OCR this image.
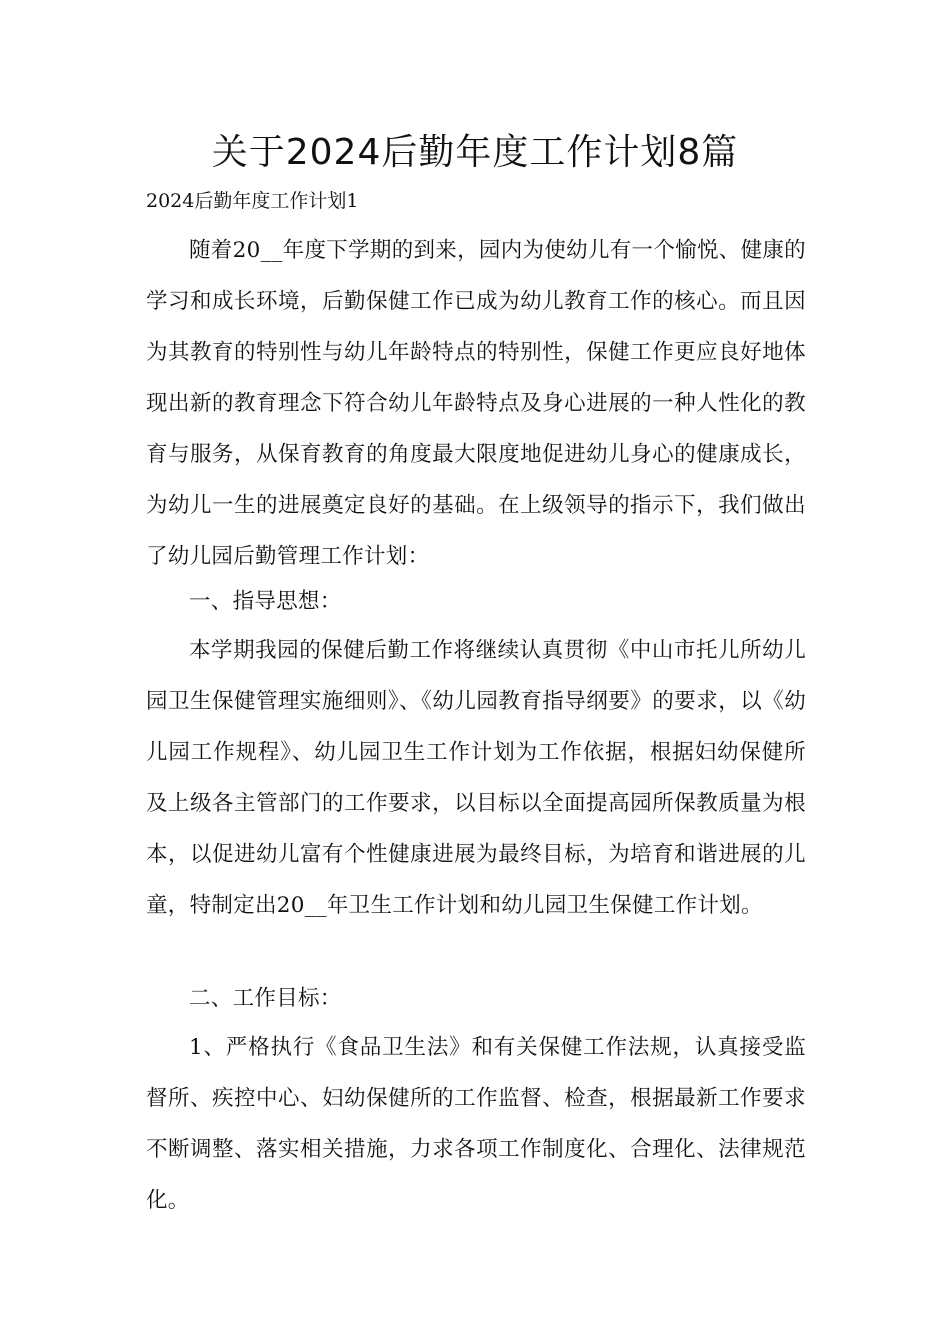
关于2024后勤年度工作计划8篇

2024后勤年度工作计划1

随着20__年度下学期的到来，园内为使幼儿有一个愉悦、健康的学习和成长环境，后勤保健工作已成为幼儿教育工作的核心。而且因为其教育的特别性与幼儿年龄特点的特别性，保健工作更应良好地体现出新的教育理念下符合幼儿年龄特点及身心进展的一种人性化的教育与服务，从保育教育的角度最大限度地促进幼儿身心的健康成长，为幼儿一生的进展奠定良好的基础。在上级领导的指示下，我们做出了幼儿园后勤管理工作计划：

一、指导思想：

本学期我园的保健后勤工作将继续认真贯彻《中山市托儿所幼儿园卫生保健管理实施细则》、《幼儿园教育指导纲要》的要求，以《幼儿园工作规程》、幼儿园卫生工作计划为工作依据，根据妇幼保健所及上级各主管部门的工作要求，以目标以全面提高园所保教质量为根本，以促进幼儿富有个性健康进展为最终目标，为培育和谐进展的儿童，特制定出20__年卫生工作计划和幼儿园卫生保健工作计划。

二、工作目标：

1、严格执行《食品卫生法》和有关保健工作法规，认真接受监督所、疾控中心、妇幼保健所的工作监督、检查，根据最新工作要求不断调整、落实相关措施，力求各项工作制度化、合理化、法律规范化。
